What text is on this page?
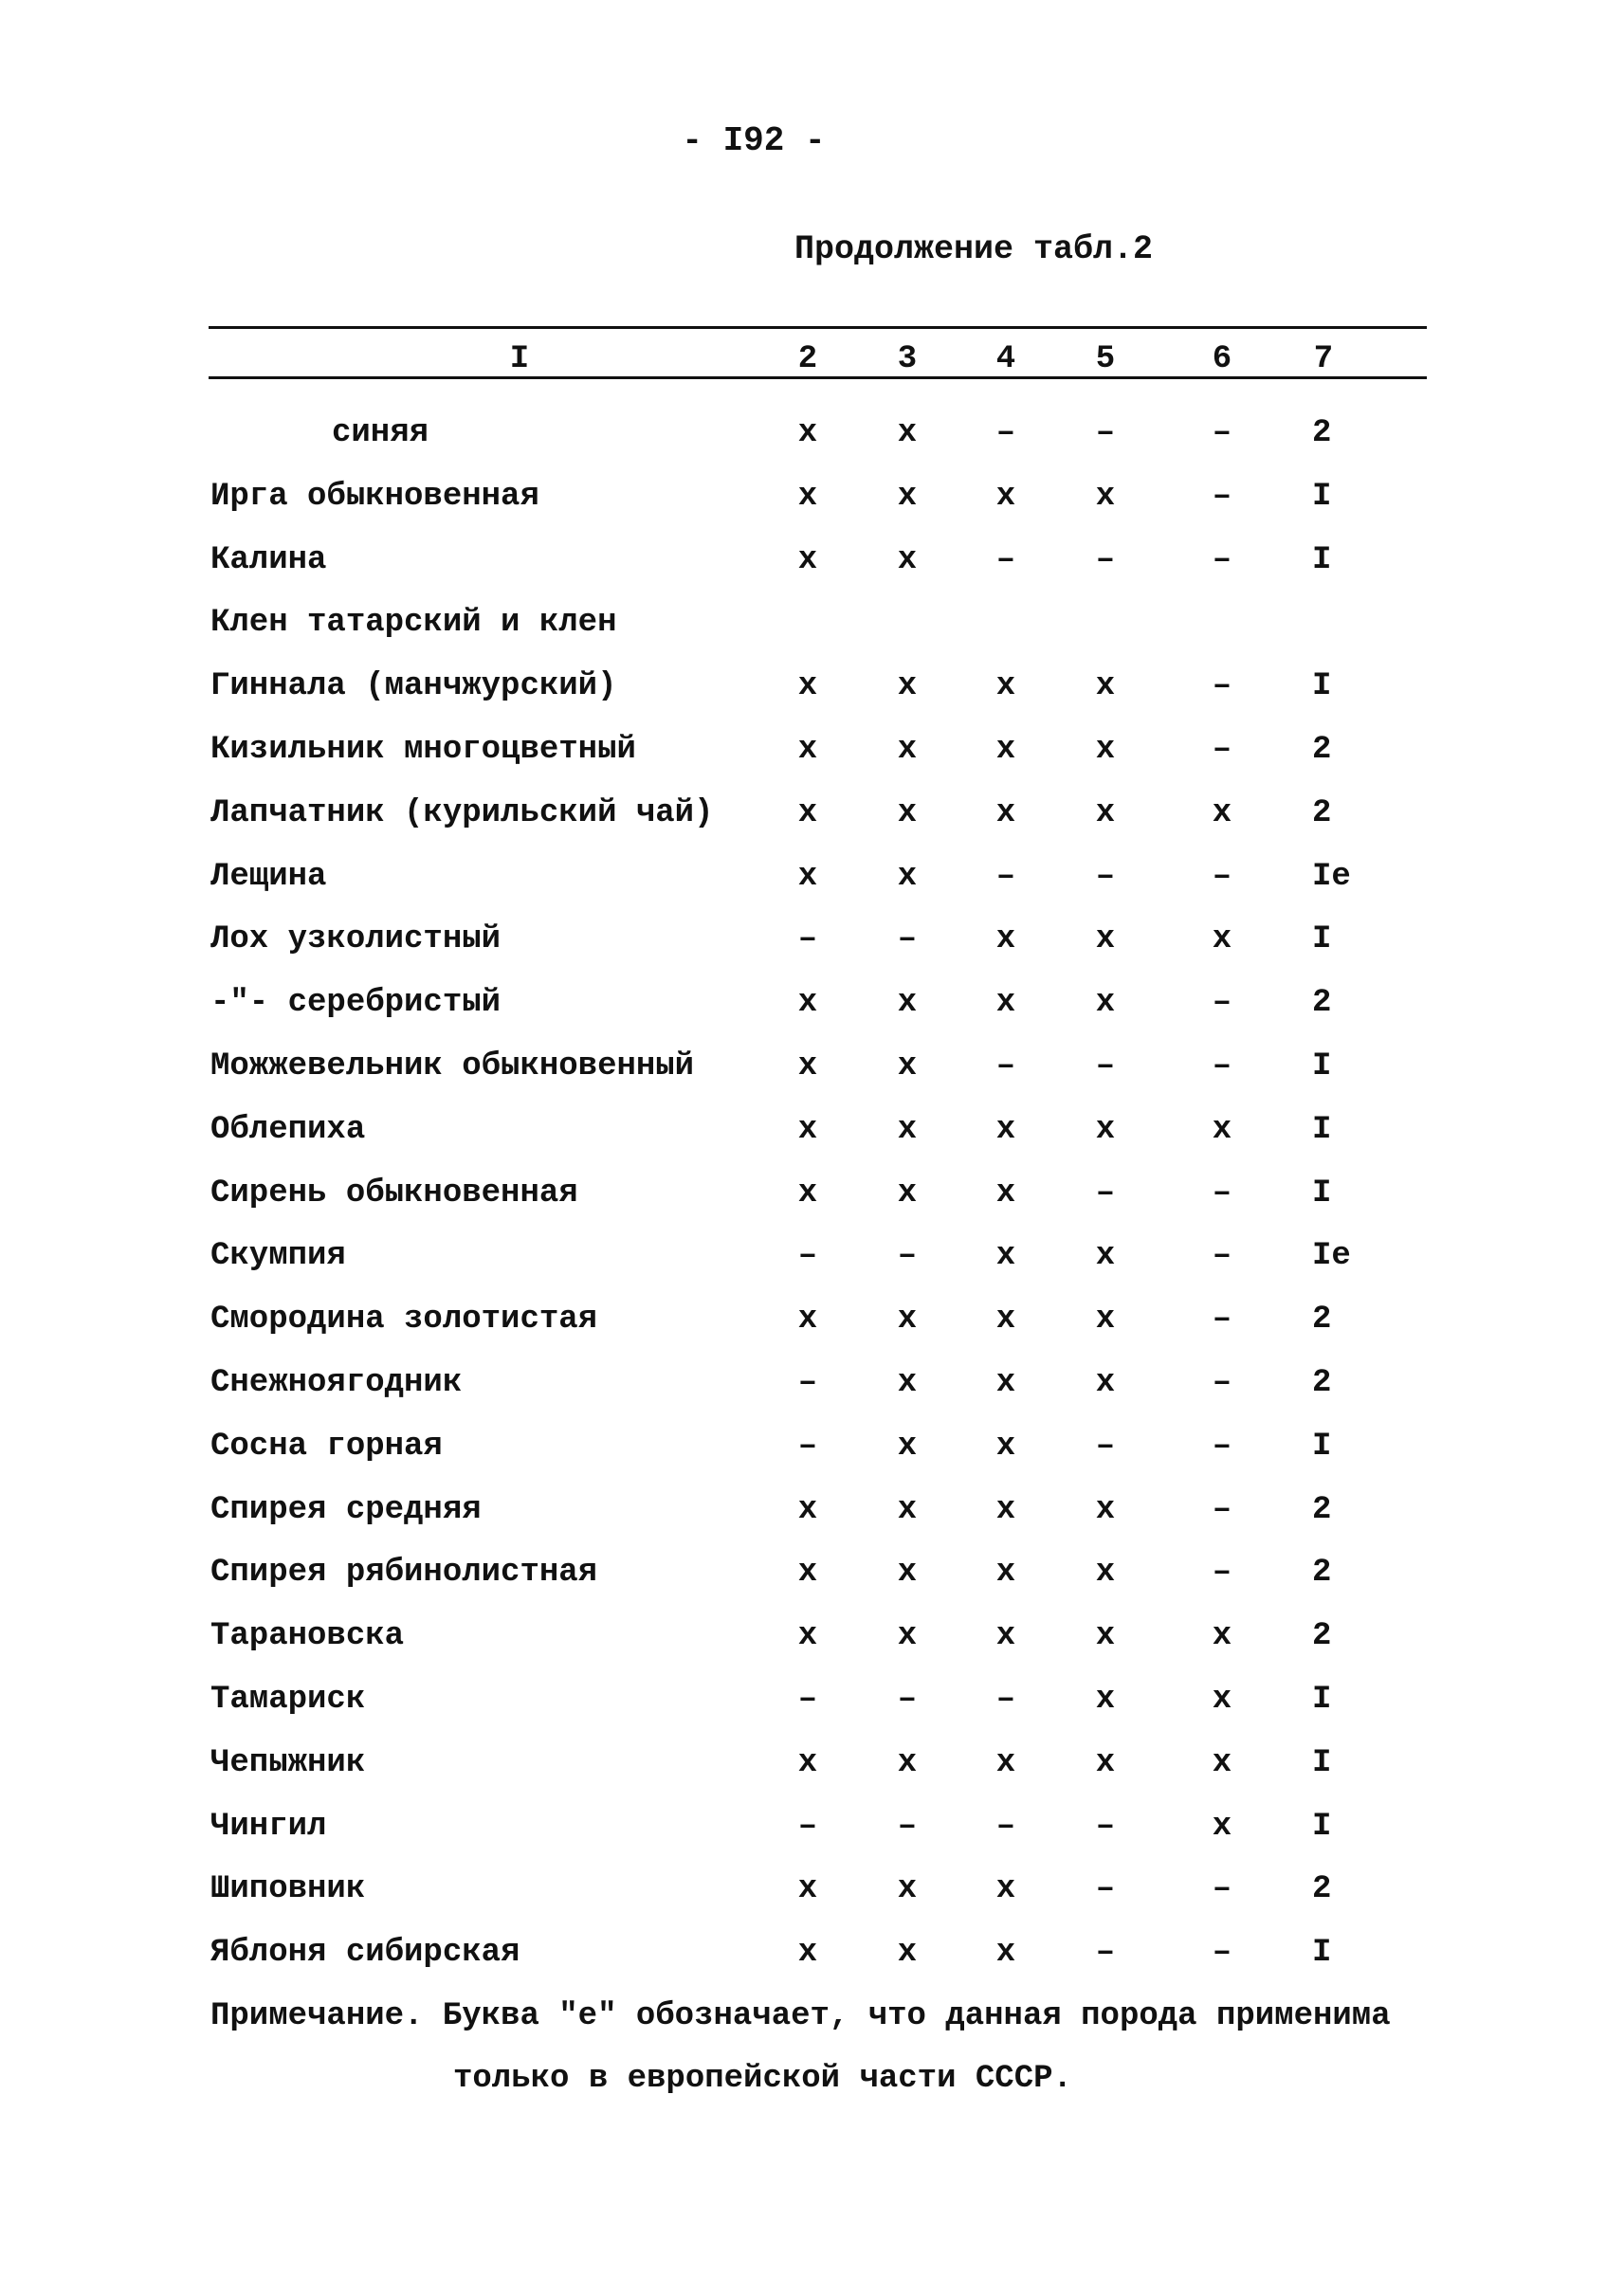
- I92 -
Продолжение табл.2
I	2	3	4	5	6	7
синяя	x	x	–	–	–	2
Ирга обыкновенная	x	x	x	x	–	I
Калина	x	x	–	–	–	I
Клен татарский и клен
Гиннала (манчжурский)	x	x	x	x	–	I
Кизильник многоцветный	x	x	x	x	–	2
Лапчатник (курильский чай)	x	x	x	x	x	2
Лещина	x	x	–	–	–	Iе
Лох узколистный	–	–	x	x	x	I
-"- серебристый	x	x	x	x	–	2
Можжевельник обыкновенный	x	x	–	–	–	I
Облепиха	x	x	x	x	x	I
Сирень обыкновенная	x	x	x	–	–	I
Скумпия	–	–	x	x	–	Iе
Смородина золотистая	x	x	x	x	–	2
Снежноягодник	–	x	x	x	–	2
Сосна горная	–	x	x	–	–	I
Спирея средняя	x	x	x	x	–	2
Спирея рябинолистная	x	x	x	x	–	2
Тарановска	x	x	x	x	x	2
Тамариск	–	–	–	x	x	I
Чепыжник	x	x	x	x	x	I
Чингил	–	–	–	–	x	I
Шиповник	x	x	x	–	–	2
Яблоня сибирская	x	x	x	–	–	I
Примечание. Буква "е" обозначает, что данная порода применима
только в европейской части СССР.
